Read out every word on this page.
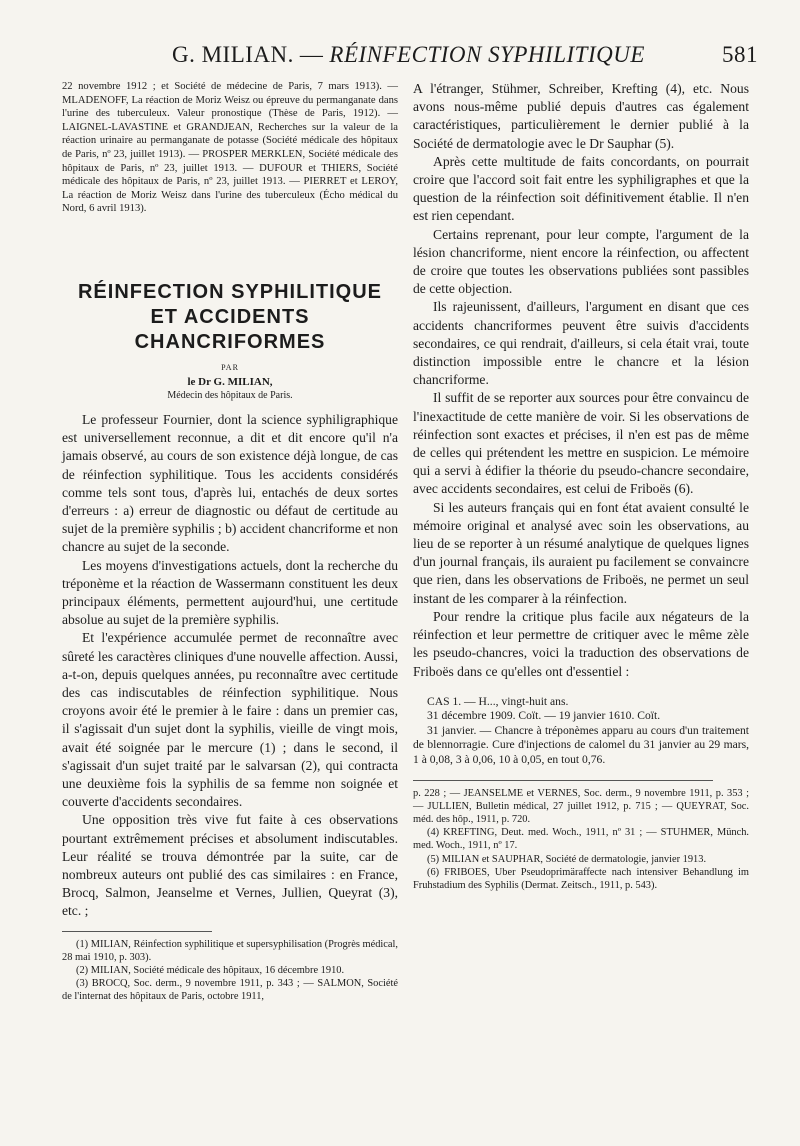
G. MILIAN. — RÉINFECTION SYPHILITIQUE	581

22 novembre 1912 ; et Société de médecine de Paris, 7 mars 1913). — MLADENOFF, La réaction de Moriz Weisz ou épreuve du permanganate dans l'urine des tuberculeux. Valeur pronostique (Thèse de Paris, 1912). — LAIGNEL-LAVASTINE et GRANDJEAN, Recherches sur la valeur de la réaction urinaire au permanganate de potasse (Société médicale des hôpitaux de Paris, nº 23, juillet 1913). — PROSPER MERKLEN, Société médicale des hôpitaux de Paris, nº 23, juillet 1913. — DUFOUR et THIERS, Société médicale des hôpitaux de Paris, nº 23, juillet 1913. — PIERRET et LEROY, La réaction de Moriz Weisz dans l'urine des tuberculeux (Écho médical du Nord, 6 avril 1913).

RÉINFECTION SYPHILITIQUE
ET ACCIDENTS
CHANCRIFORMES
PAR
le Dr G. MILIAN,
Médecin des hôpitaux de Paris.

Le professeur Fournier, dont la science syphiligraphique est universellement reconnue, a dit et dit encore qu'il n'a jamais observé, au cours de son existence déjà longue, de cas de réinfection syphilitique. Tous les accidents considérés comme tels sont tous, d'après lui, entachés de deux sortes d'erreurs : a) erreur de diagnostic ou défaut de certitude au sujet de la première syphilis ; b) accident chancriforme et non chancre au sujet de la seconde.

Les moyens d'investigations actuels, dont la recherche du tréponème et la réaction de Wassermann constituent les deux principaux éléments, permettent aujourd'hui, une certitude absolue au sujet de la première syphilis.

Et l'expérience accumulée permet de reconnaître avec sûreté les caractères cliniques d'une nouvelle affection. Aussi, a-t-on, depuis quelques années, pu reconnaître avec certitude des cas indiscutables de réinfection syphilitique. Nous croyons avoir été le premier à le faire : dans un premier cas, il s'agissait d'un sujet dont la syphilis, vieille de vingt mois, avait été soignée par le mercure (1) ; dans le second, il s'agissait d'un sujet traité par le salvarsan (2), qui contracta une deuxième fois la syphilis de sa femme non soignée et couverte d'accidents secondaires.

Une opposition très vive fut faite à ces observations pourtant extrêmement précises et absolument indiscutables. Leur réalité se trouva démontrée par la suite, car de nombreux auteurs ont publié des cas similaires : en France, Brocq, Salmon, Jeanselme et Vernes, Jullien, Queyrat (3), etc. ;

(1) MILIAN, Réinfection syphilitique et supersyphilisation (Progrès médical, 28 mai 1910, p. 303).

(2) MILIAN, Société médicale des hôpitaux, 16 décembre 1910.

(3) BROCQ, Soc. derm., 9 novembre 1911, p. 343 ; — SALMON, Société de l'internat des hôpitaux de Paris, octobre 1911,

A l'étranger, Stühmer, Schreiber, Krefting (4), etc. Nous avons nous-même publié depuis d'autres cas également caractéristiques, particulièrement le dernier publié à la Société de dermatologie avec le Dr Sauphar (5).

Après cette multitude de faits concordants, on pourrait croire que l'accord soit fait entre les syphiligraphes et que la question de la réinfection soit définitivement établie. Il n'en est rien cependant.

Certains reprenant, pour leur compte, l'argument de la lésion chancriforme, nient encore la réinfection, ou affectent de croire que toutes les observations publiées sont passibles de cette objection.

Ils rajeunissent, d'ailleurs, l'argument en disant que ces accidents chancriformes peuvent être suivis d'accidents secondaires, ce qui rendrait, d'ailleurs, si cela était vrai, toute distinction impossible entre le chancre et la lésion chancriforme.

Il suffit de se reporter aux sources pour être convaincu de l'inexactitude de cette manière de voir. Si les observations de réinfection sont exactes et précises, il n'en est pas de même de celles qui prétendent les mettre en suspicion. Le mémoire qui a servi à édifier la théorie du pseudo-chancre secondaire, avec accidents secondaires, est celui de Friboës (6).

Si les auteurs français qui en font état avaient consulté le mémoire original et analysé avec soin les observations, au lieu de se reporter à un résumé analytique de quelques lignes d'un journal français, ils auraient pu facilement se convaincre que rien, dans les observations de Friboës, ne permet un seul instant de les comparer à la réinfection.

Pour rendre la critique plus facile aux négateurs de la réinfection et leur permettre de critiquer avec le même zèle les pseudo-chancres, voici la traduction des observations de Friboës dans ce qu'elles ont d'essentiel :

CAS 1. — H..., vingt-huit ans.

31 décembre 1909. Coït. — 19 janvier 1610. Coït.

31 janvier. — Chancre à tréponèmes apparu au cours d'un traitement de blennorragie. Cure d'injections de calomel du 31 janvier au 29 mars, 1 à 0,08, 3 à 0,06, 10 à 0,05, en tout 0,76.

p. 228 ; — JEANSELME et VERNES, Soc. derm., 9 novembre 1911, p. 353 ; — JULLIEN, Bulletin médical, 27 juillet 1912, p. 715 ; — QUEYRAT, Soc. méd. des hôp., 1911, p. 720.

(4) KREFTING, Deut. med. Woch., 1911, nº 31 ; — STUHMER, Münch. med. Woch., 1911, nº 17.

(5) MILIAN et SAUPHAR, Société de dermatologie, janvier 1913.

(6) FRIBOES, Uber Pseudoprimäraffecte nach intensiver Behandlung im Fruhstadium des Syphilis (Dermat. Zeitsch., 1911, p. 543).
